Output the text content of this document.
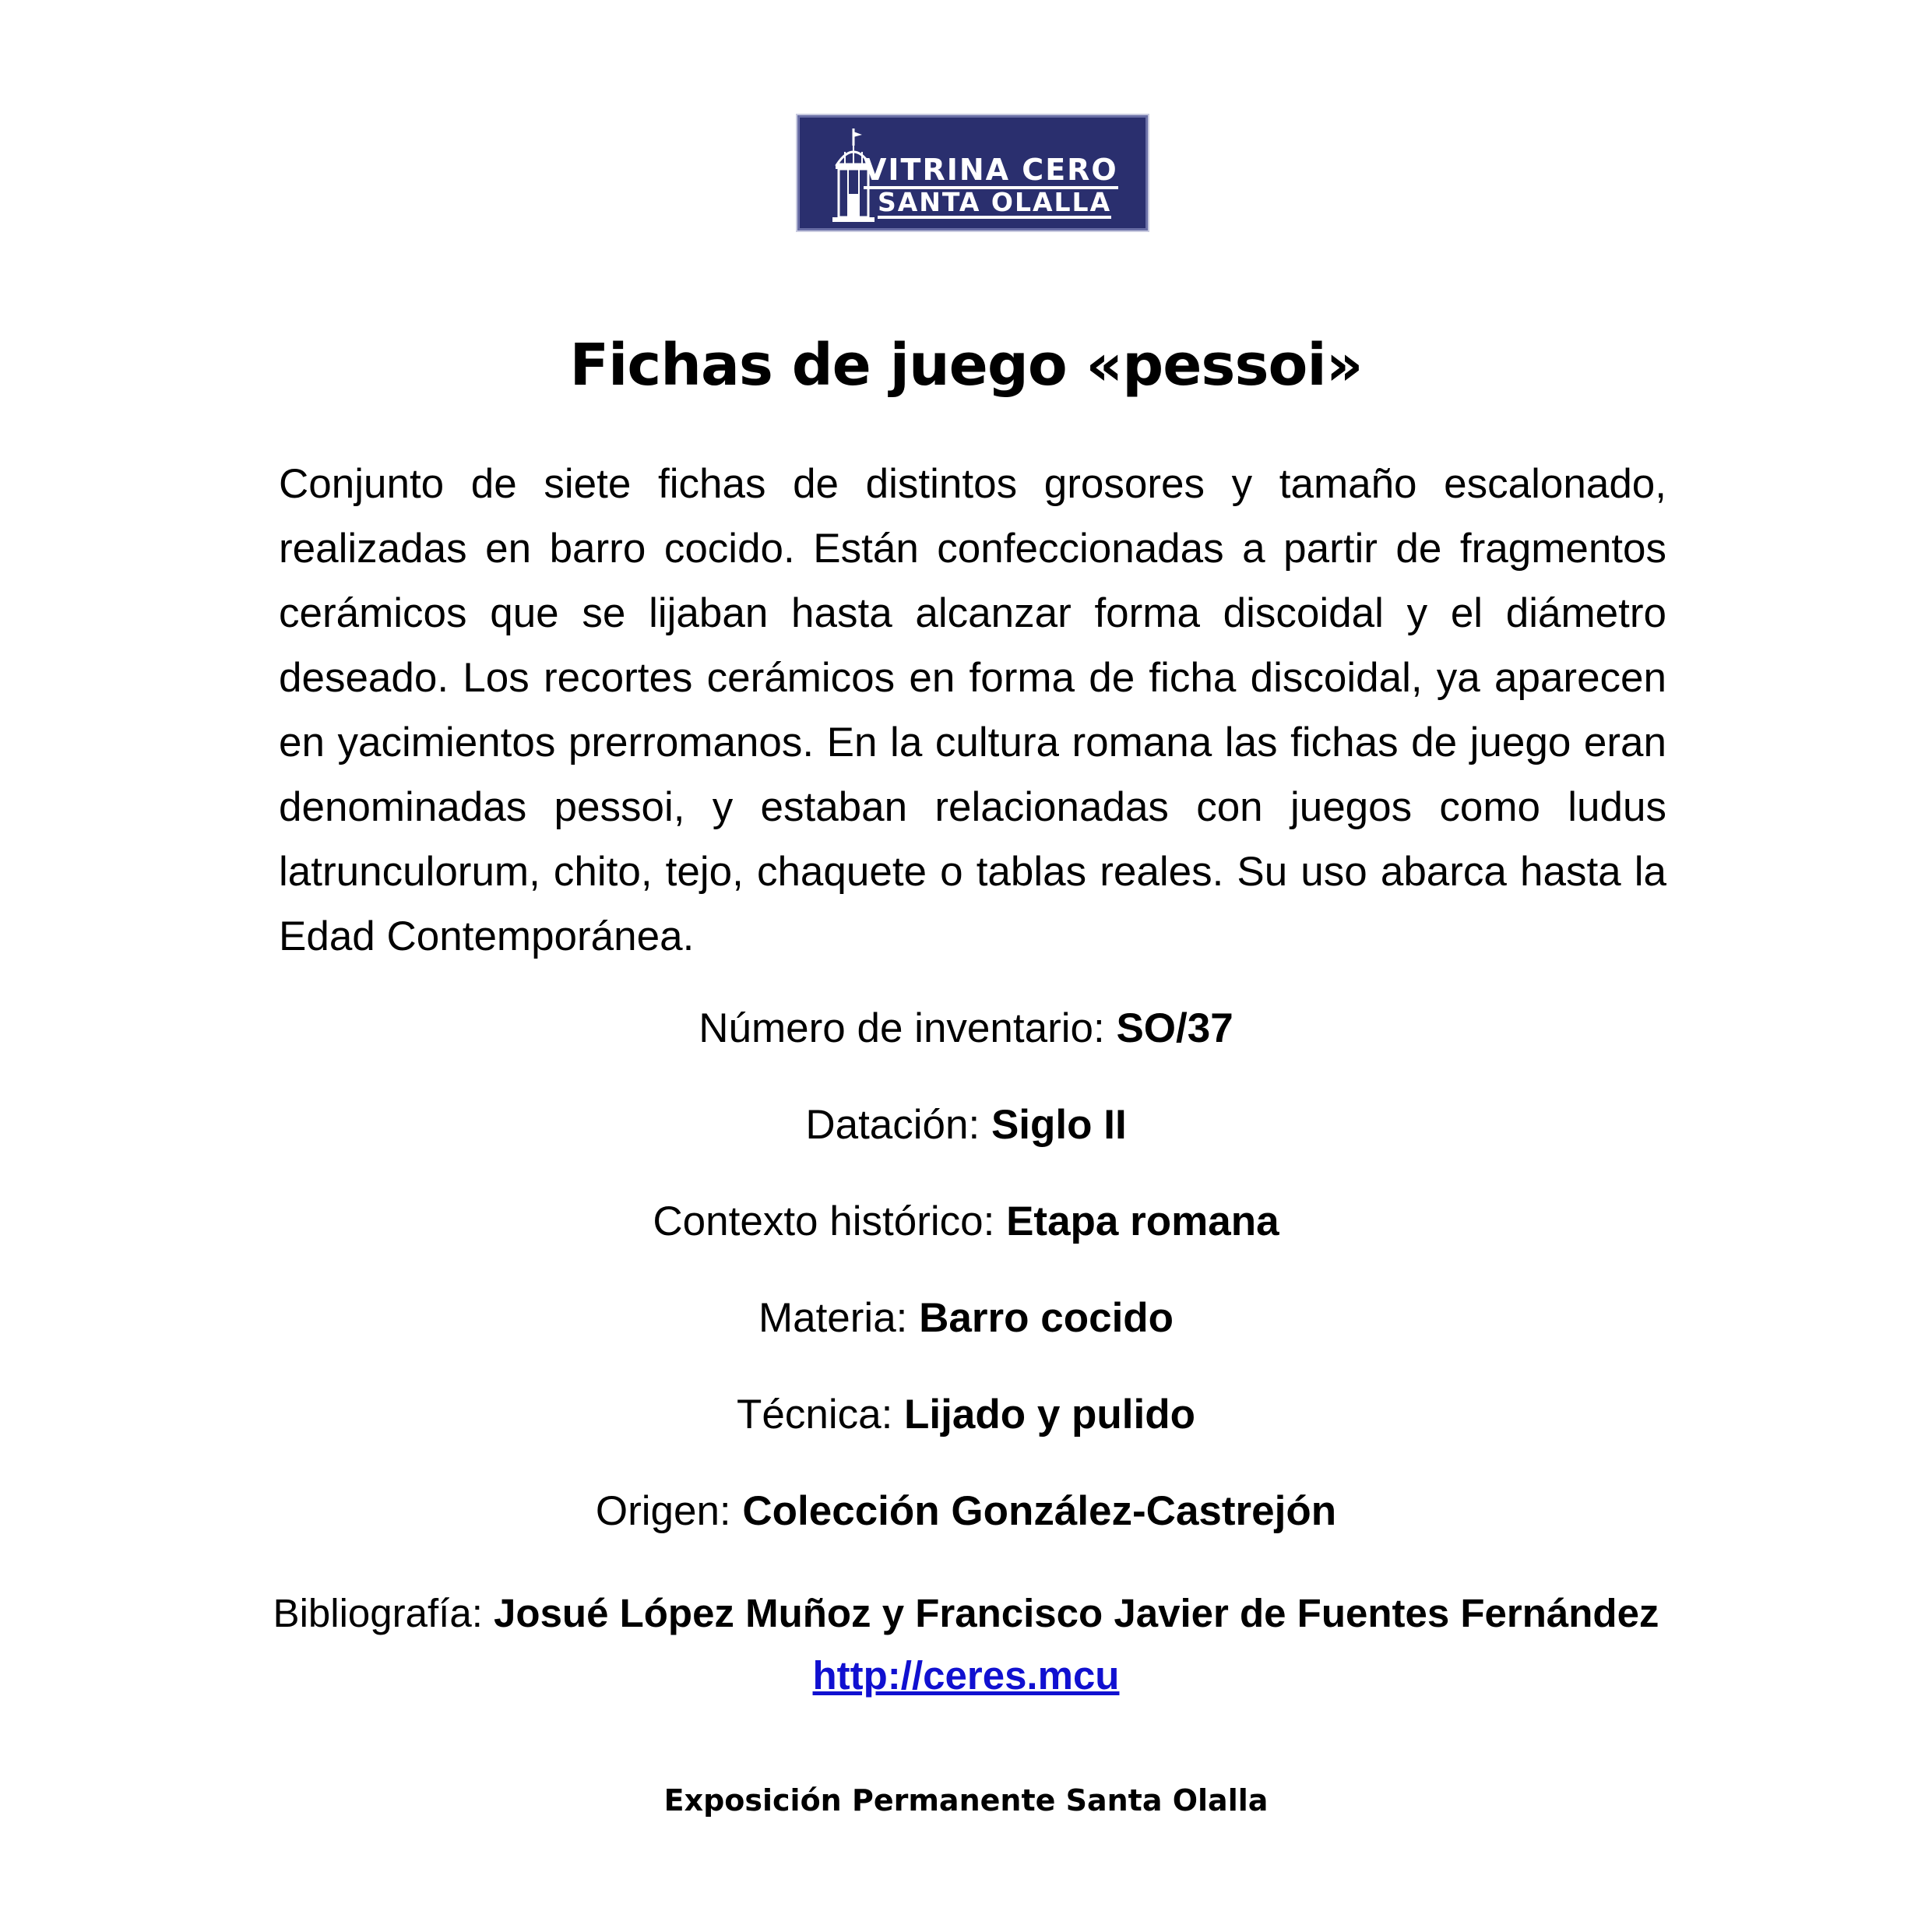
VITRINA CERO
SANTA OLALLA
Fichas de juego «pessoi»

Conjunto de siete fichas de distintos grosores y tamaño escalonado, realizadas en barro cocido. Están confeccionadas a partir de fragmentos cerámicos que se lijaban hasta alcanzar forma discoidal y el diámetro deseado. Los recortes cerámicos en forma de ficha discoidal, ya aparecen en yacimientos prerromanos. En la cultura romana las fichas de juego eran denominadas pessoi, y estaban relacionadas con juegos como ludus latrunculorum, chito, tejo, chaquete o tablas reales. Su uso abarca hasta la Edad Contemporánea.

Número de inventario: SO/37
Datación: Siglo II
Contexto histórico: Etapa romana
Materia: Barro cocido
Técnica: Lijado y pulido
Origen: Colección González-Castrejón
Bibliografía: Josué López Muñoz y Francisco Javier de Fuentes Fernández
http://ceres.mcu
Exposición Permanente Santa Olalla
